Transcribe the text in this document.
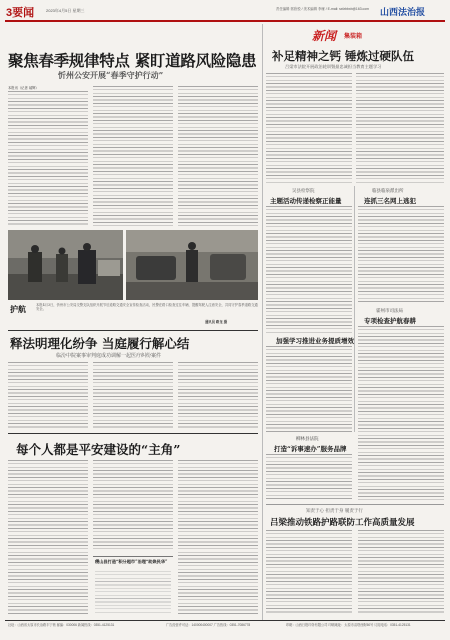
3要闻	2023年4月5日 星期三	责任编辑 郭欣悦 / 美术编辑 李雁 / E-mail: sxfzbbxb@163.com	山西法治报
聚焦春季规律特点 紧盯道路风险隐患
忻州公安开展“春季守护行动”
本报讯（记者 郝辉）
护航	本报4月3日，忻州市公安局交警支队组织开展节后道路交通安全宣传检查活动，民警在路口检查过往车辆，提醒驾驶人注意安全，共同守护春季道路交通安全。
通讯员 路龙 摄
释法明理化纷争 当庭履行解心结
临汾中院案事审判庭成功调解一起医疗纠纷案件
每个人都是平安建设的“主角”
稷山县打造“积分超市”治理“助焕民华”
新闻 集装箱
补足精神之钙 锤炼过硬队伍
吕梁市法院开展政治轮训暨最忠诚担当教育主题学习
吴县检察院
主题活动传递检察正能量
临县临泉派出所
连抓三名网上逃犯
加强学习推进业务提质增效
霍州市司法局
专项检查护航春耕
柳林县法院
打造“诉事速办”服务品牌
知责于心 担责于身 履责于行
吕梁推动铁路护路联防工作高质量发展
社址：山西省太原市长治路丰宁巷 邮编：030006 新闻热线：0351-4125131	广告经营许可证：140000400007 广告热线：0351-7086778	印刷：山西日报印务有限公司 印刷地址：太原市双塔西街50号 订阅电话：0351-4125131
